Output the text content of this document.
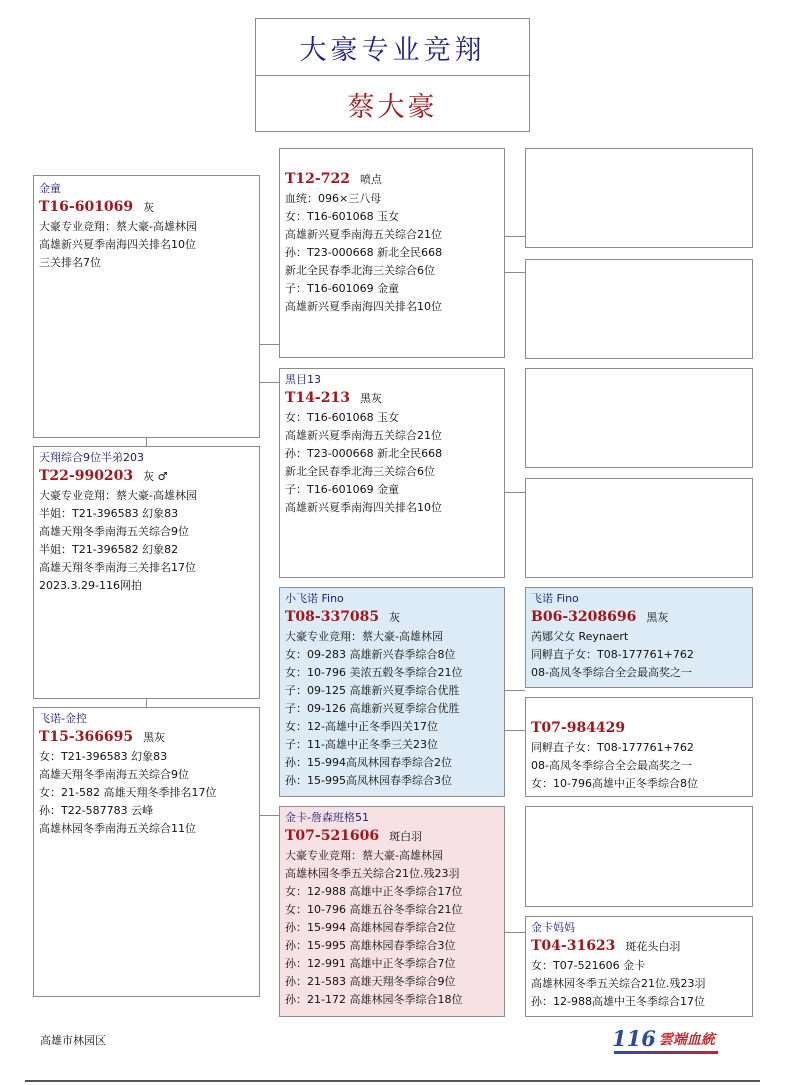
大豪专业竞翔
蔡大豪
金童
T16-601069 灰
大豪专业竞翔：蔡大豪-高雄林园
高雄新兴夏季南海四关排名10位
三关排名7位
天翔综合9位半弟203
T22-990203 灰 ♂
大豪专业竞翔：蔡大豪-高雄林园
半姐：T21-396583 幻象83
高雄天翔冬季南海五关综合9位
半姐：T21-396582 幻象82
高雄天翔冬季南海三关排名17位
2023.3.29-116网拍
飞诺-金控
T15-366695 黑灰
女：T21-396583 幻象83
高雄天翔冬季南海五关综合9位
女：21-582 高雄天翔冬季排名17位
孙：T22-587783 云峰
高雄林园冬季南海五关综合11位
T12-722 喷点
血统：096×三八母
女：T16-601068 玉女
高雄新兴夏季南海五关综合21位
孙：T23-000668 新北全民668
新北全民春季北海三关综合6位
子：T16-601069 金童
高雄新兴夏季南海四关排名10位
黑目13
T14-213 黑灰
女：T16-601068 玉女
高雄新兴夏季南海五关综合21位
孙：T23-000668 新北全民668
新北全民春季北海三关综合6位
子：T16-601069 金童
高雄新兴夏季南海四关排名10位
小飞诺 Fino
T08-337085 灰
大豪专业竞翔：蔡大豪-高雄林园
女：09-283 高雄新兴春季综合8位
女：10-796 美浓五毂冬季综合21位
子：09-125 高雄新兴夏季综合优胜
子：09-126 高雄新兴夏季综合优胜
女：12-高雄中正冬季四关17位
子：11-高雄中正冬季三关23位
孙：15-994高凤林园春季综合2位
孙：15-995高凤林园春季综合3位
金卡-詹森班格51
T07-521606 斑白羽
大豪专业竞翔：蔡大豪-高雄林园
高雄林园冬季五关综合21位.残23羽
女：12-988 高雄中正冬季综合17位
女：10-796 高雄五谷冬季综合21位
孙：15-994 高雄林园春季综合2位
孙：15-995 高雄林园春季综合3位
孙：12-991 高雄中正冬季综合7位
孙：21-583 高雄天翔冬季综合9位
孙：21-172 高雄林园冬季综合18位
飞诺 Fino
B06-3208696 黑灰
芮娜父女 Reynaert
同孵直子女：T08-177761+762
08-高凤冬季综合全会最高奖之一
T07-984429
同孵直子女：T08-177761+762
08-高凤冬季综合全会最高奖之一
女：10-796高雄中正冬季综合8位
金卡妈妈
T04-31623 斑花头白羽
女：T07-521606 金卡
高雄林园冬季五关综合21位.残23羽
孙：12-988高雄中王冬季综合17位
高雄市林园区	116 雲端血統
